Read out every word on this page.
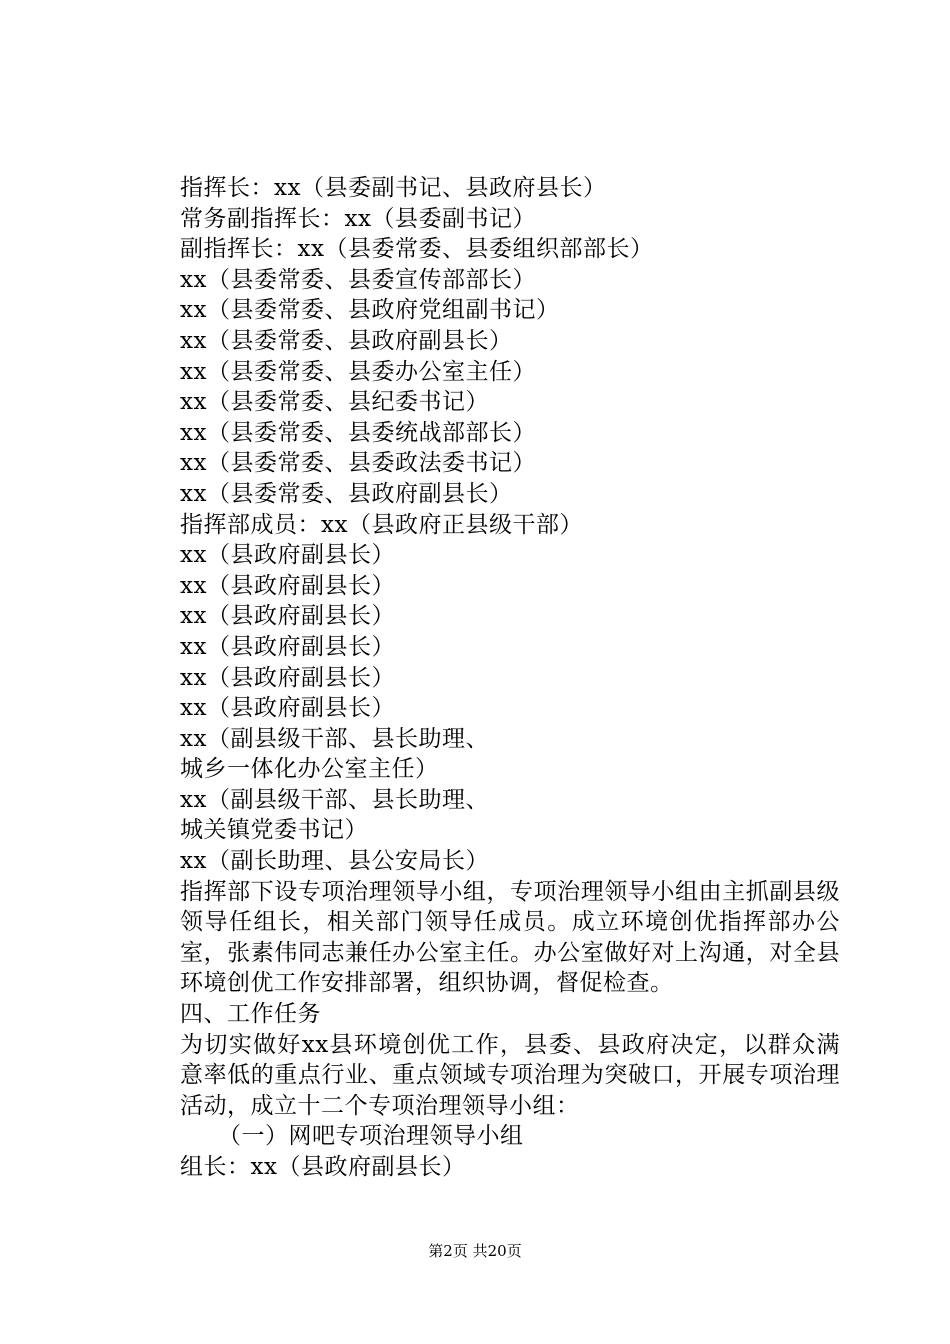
指挥长：xx（县委副书记、县政府县长）
常务副指挥长：xx（县委副书记）
副指挥长：xx（县委常委、县委组织部部长）
xx（县委常委、县委宣传部部长）
xx（县委常委、县政府党组副书记）
xx（县委常委、县政府副县长）
xx（县委常委、县委办公室主任）
xx（县委常委、县纪委书记）
xx（县委常委、县委统战部部长）
xx（县委常委、县委政法委书记）
xx（县委常委、县政府副县长）
指挥部成员：xx（县政府正县级干部）
xx（县政府副县长）
xx（县政府副县长）
xx（县政府副县长）
xx（县政府副县长）
xx（县政府副县长）
xx（县政府副县长）
xx（副县级干部、县长助理、
城乡一体化办公室主任）
xx（副县级干部、县长助理、
城关镇党委书记）
xx（副长助理、县公安局长）
指挥部下设专项治理领导小组，专项治理领导小组由主抓副县级领导任组长，相关部门领导任成员。成立环境创优指挥部办公室，张素伟同志兼任办公室主任。办公室做好对上沟通，对全县环境创优工作安排部署，组织协调，督促检查。
四、工作任务
为切实做好xx县环境创优工作，县委、县政府决定，以群众满意率低的重点行业、重点领域专项治理为突破口，开展专项治理活动，成立十二个专项治理领导小组：
（一）网吧专项治理领导小组
组长：xx（县政府副县长）
第2页 共20页
